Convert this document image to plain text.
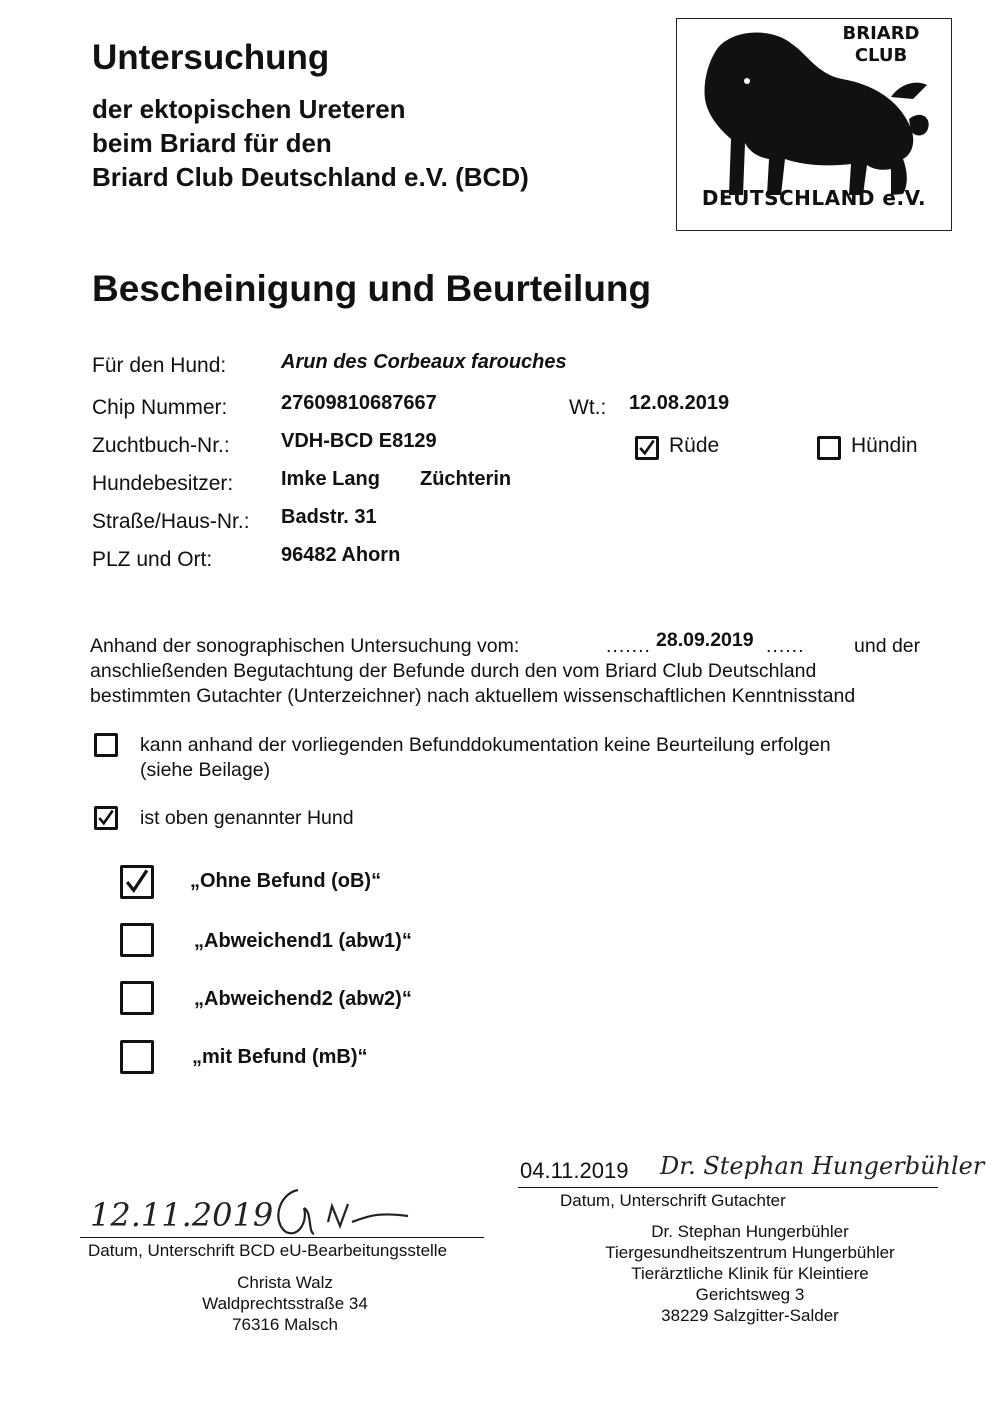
Untersuchung
der ektopischen Ureteren
beim Briard für den
Briard Club Deutschland e.V. (BCD)
BRIARD
CLUB
DEUTSCHLAND e.V.
Bescheinigung und Beurteilung
Für den Hund:	Arun des Corbeaux farouches
Chip Nummer:	27609810687667	Wt.: 12.08.2019
Zuchtbuch-Nr.:	VDH-BCD E8129	Rüde	Hündin
Hundebesitzer: Imke Lang Züchterin
Straße/Haus-Nr.: Badstr. 31
PLZ und Ort:	96482 Ahorn
Anhand der sonographischen Untersuchung vom:	....... 28.09.2019 ......	und der
anschließenden Begutachtung der Befunde durch den vom Briard Club Deutschland
bestimmten Gutachter (Unterzeichner) nach aktuellem wissenschaftlichen Kenntnisstand
kann anhand der vorliegenden Befunddokumentation keine Beurteilung erfolgen
(siehe Beilage)
ist oben genannter Hund
„Ohne Befund (oB)“
„Abweichend1 (abw1)“
„Abweichend2 (abw2)“
„mit Befund (mB)“
04.11.2019 Dr. Stephan Hungerbühler
Datum, Unterschrift Gutachter
Dr. Stephan Hungerbühler
Tiergesundheitszentrum Hungerbühler
Tierärztliche Klinik für Kleintiere
Gerichtsweg 3
38229 Salzgitter-Salder
12.11.2019
Datum, Unterschrift BCD eU-Bearbeitungsstelle
Christa Walz
Waldprechtsstraße 34
76316 Malsch
